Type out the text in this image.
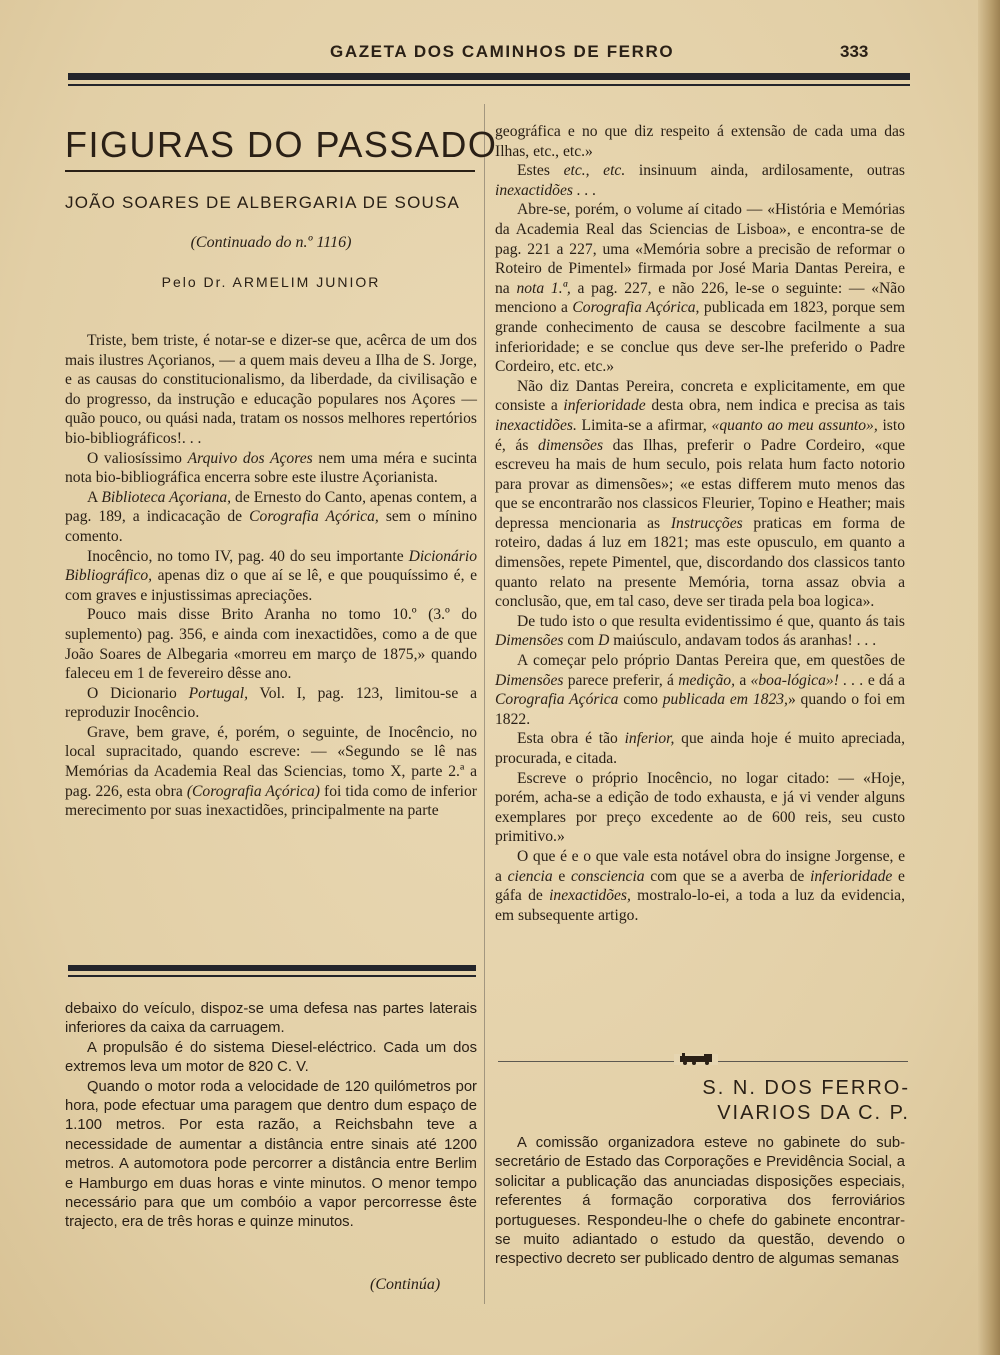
GAZETA DOS CAMINHOS DE FERRO	333
FIGURAS DO PASSADO
JOÃO SOARES DE ALBERGARIA DE SOUSA
(Continuado do n.º 1116)
Pelo Dr. ARMELIM JUNIOR

Triste, bem triste, é notar-se e dizer-se que, acêrca de um dos mais ilustres Açorianos, — a quem mais deveu a Ilha de S. Jorge, e as causas do constitucionalismo, da liberdade, da civilisação e do progresso, da instrução e educação populares nos Açores — quão pouco, ou quási nada, tratam os nossos melhores repertórios bio-bibliográficos!. . .

O valiosíssimo Arquivo dos Açores nem uma méra e sucinta nota bio-bibliográfica encerra sobre este ilustre Açorianista.

A Biblioteca Açoriana, de Ernesto do Canto, apenas contem, a pag. 189, a indicacação de Corografia Açórica, sem o mínino comento.

Inocêncio, no tomo IV, pag. 40 do seu importante Dicionário Bibliográfico, apenas diz o que aí se lê, e que pouquíssimo é, e com graves e injustissimas apreciações.

Pouco mais disse Brito Aranha no tomo 10.º (3.º do suplemento) pag. 356, e ainda com inexactidões, como a de que João Soares de Albegaria «morreu em março de 1875,» quando faleceu em 1 de fevereiro dêsse ano.

O Dicionario Portugal, Vol. I, pag. 123, limitou-se a reproduzir Inocêncio.

Grave, bem grave, é, porém, o seguinte, de Inocêncio, no local supracitado, quando escreve: — «Segundo se lê nas Memórias da Academia Real das Sciencias, tomo X, parte 2.ª a pag. 226, esta obra (Corografia Açórica) foi tida como de inferior merecimento por suas inexactidões, principalmente na parte

debaixo do veículo, dispoz-se uma defesa nas partes laterais inferiores da caixa da carruagem.

A propulsão é do sistema Diesel-eléctrico. Cada um dos extremos leva um motor de 820 C. V.

Quando o motor roda a velocidade de 120 quilómetros por hora, pode efectuar uma paragem que dentro dum espaço de 1.100 metros. Por esta razão, a Reichsbahn teve a necessidade de aumentar a distância entre sinais até 1200 metros. A automotora pode percorrer a distância entre Berlim e Hamburgo em duas horas e vinte minutos. O menor tempo necessário para que um combóio a vapor percorresse êste trajecto, era de três horas e quinze minutos.

(Continúa)

geográfica e no que diz respeito á extensão de cada uma das Ilhas, etc., etc.»

Estes etc., etc. insinuum ainda, ardilosamente, outras inexactidões . . .

Abre-se, porém, o volume aí citado — «História e Memórias da Academia Real das Sciencias de Lisboa», e encontra-se de pag. 221 a 227, uma «Memória sobre a precisão de reformar o Roteiro de Pimentel» firmada por José Maria Dantas Pereira, e na nota 1.ª, a pag. 227, e não 226, le-se o seguinte: — «Não menciono a Corografia Açórica, publicada em 1823, porque sem grande conhecimento de causa se descobre facilmente a sua inferioridade; e se conclue qus deve ser-lhe preferido o Padre Cordeiro, etc. etc.»

Não diz Dantas Pereira, concreta e explicitamente, em que consiste a inferioridade desta obra, nem indica e precisa as tais inexactidões. Limita-se a afirmar, «quanto ao meu assunto», isto é, ás dimensões das Ilhas, preferir o Padre Cordeiro, «que escreveu ha mais de hum seculo, pois relata hum facto notorio para provar as dimensões»; «e estas differem muto menos das que se encontrarão nos classicos Fleurier, Topino e Heather; mais depressa mencionaria as Instrucções praticas em forma de roteiro, dadas á luz em 1821; mas este opusculo, em quanto a dimensões, repete Pimentel, que, discordando dos classicos tanto quanto relato na presente Memória, torna assaz obvia a conclusão, que, em tal caso, deve ser tirada pela boa logica».

De tudo isto o que resulta evidentissimo é que, quanto ás tais Dimensões com D maiúsculo, andavam todos ás aranhas! . . .

A começar pelo próprio Dantas Pereira que, em questões de Dimensões parece preferir, á medição, a «boa-lógica»! . . . e dá a Corografia Açórica como publicada em 1823,» quando o foi em 1822.

Esta obra é tão inferior, que ainda hoje é muito apreciada, procurada, e citada.

Escreve o próprio Inocêncio, no logar citado: — «Hoje, porém, acha-se a edição de todo exhausta, e já vi vender alguns exemplares por preço excedente ao de 600 reis, seu custo primitivo.»

O que é e o que vale esta notável obra do insigne Jorgense, e a ciencia e consciencia com que se a averba de inferioridade e gáfa de inexactidões, mostralo-lo-ei, a toda a luz da evidencia, em subsequente artigo.

S. N. DOS FERRO-
VIARIOS DA C. P.

A comissão organizadora esteve no gabinete do sub-secretário de Estado das Corporações e Previdência Social, a solicitar a publicação das anunciadas disposições especiais, referentes á formação corporativa dos ferroviários portugueses. Respondeu-lhe o chefe do gabinete encontrar-se muito adiantado o estudo da questão, devendo o respectivo decreto ser publicado dentro de algumas semanas
